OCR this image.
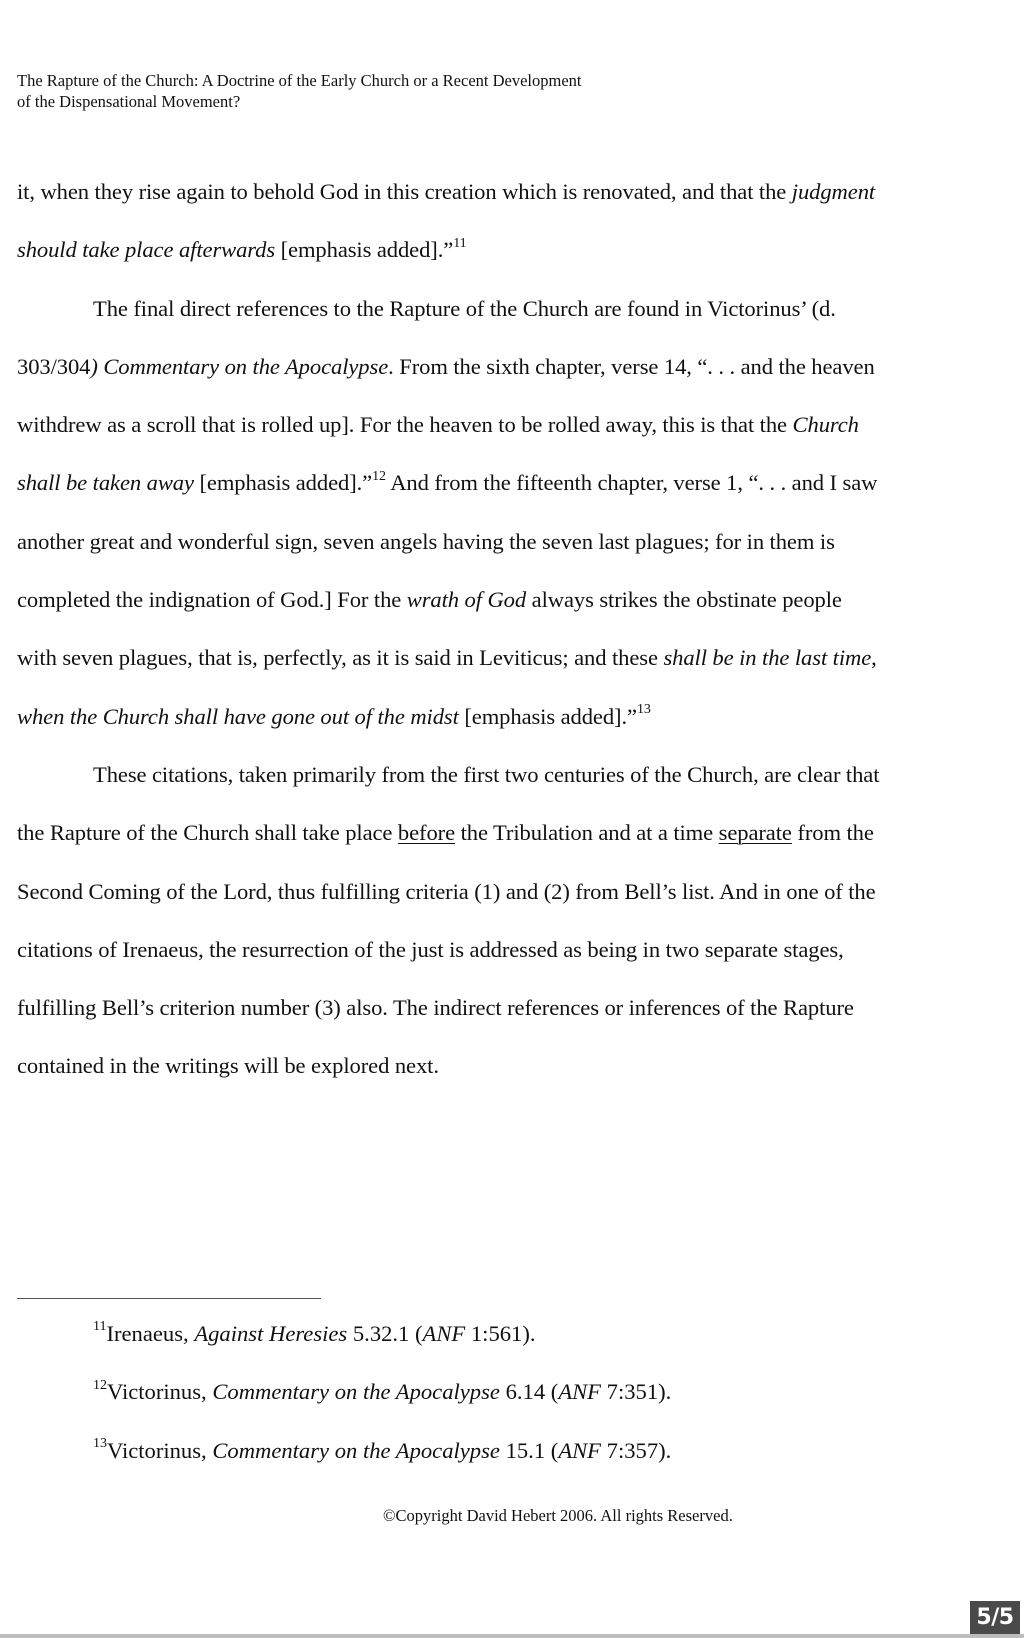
The Rapture of the Church: A Doctrine of the Early Church or a Recent Development
of the Dispensational Movement?
it, when they rise again to behold God in this creation which is renovated, and that the judgment
should take place afterwards [emphasis added].”$^{11}$
The final direct references to the Rapture of the Church are found in Victorinus’ (d.
303/304) Commentary on the Apocalypse. From the sixth chapter, verse 14, “. . . and the heaven
withdrew as a scroll that is rolled up]. For the heaven to be rolled away, this is that the Church
shall be taken away [emphasis added].”$^{12}$ And from the fifteenth chapter, verse 1, “. . . and I saw
another great and wonderful sign, seven angels having the seven last plagues; for in them is
completed the indignation of God.] For the wrath of God always strikes the obstinate people
with seven plagues, that is, perfectly, as it is said in Leviticus; and these shall be in the last time,
when the Church shall have gone out of the midst [emphasis added].”$^{13}$
These citations, taken primarily from the first two centuries of the Church, are clear that
the Rapture of the Church shall take place before the Tribulation and at a time separate from the
Second Coming of the Lord, thus fulfilling criteria (1) and (2) from Bell’s list. And in one of the
citations of Irenaeus, the resurrection of the just is addressed as being in two separate stages,
fulfilling Bell’s criterion number (3) also. The indirect references or inferences of the Rapture
contained in the writings will be explored next.
$^{11}$Irenaeus, Against Heresies 5.32.1 (ANF 1:561).
$^{12}$Victorinus, Commentary on the Apocalypse 6.14 (ANF 7:351).
$^{13}$Victorinus, Commentary on the Apocalypse 15.1 (ANF 7:357).
©Copyright David Hebert 2006. All rights Reserved.
5/5
